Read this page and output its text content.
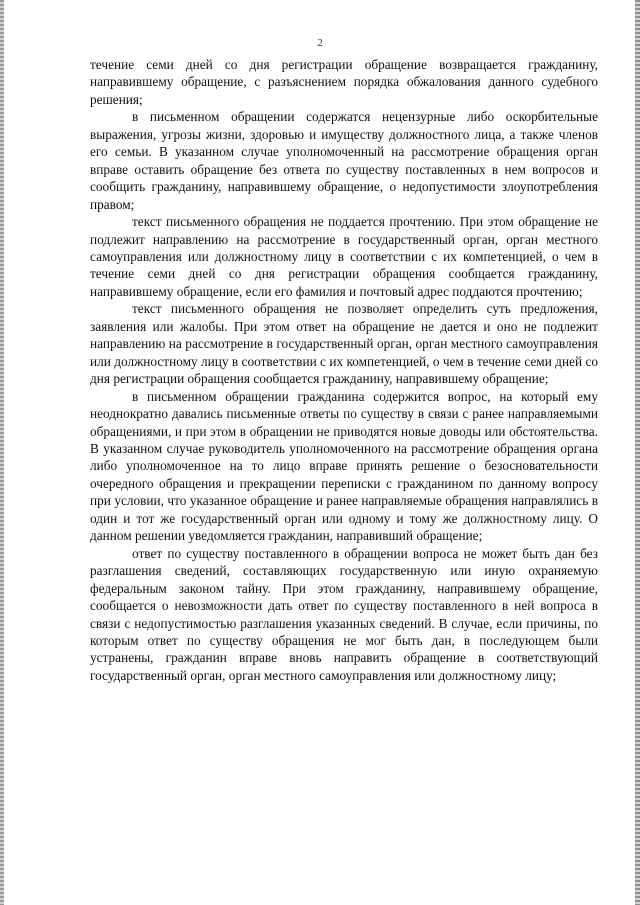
2

течение семи дней со дня регистрации обращение возвращается гражданину, направившему обращение, с разъяснением порядка обжалования данного судебного решения;

в письменном обращении содержатся нецензурные либо оскорбительные выражения, угрозы жизни, здоровью и имуществу должностного лица, а также членов его семьи. В указанном случае уполномоченный на рассмотрение обращения орган вправе оставить обращение без ответа по существу поставленных в нем вопросов и сообщить гражданину, направившему обращение, о недопустимости злоупотребления правом;

текст письменного обращения не поддается прочтению. При этом обращение не подлежит направлению на рассмотрение в государственный орган, орган местного самоуправления или должностному лицу в соответствии с их компетенцией, о чем в течение семи дней со дня регистрации обращения сообщается гражданину, направившему обращение, если его фамилия и почтовый адрес поддаются прочтению;

текст письменного обращения не позволяет определить суть предложения, заявления или жалобы. При этом ответ на обращение не дается и оно не подлежит направлению на рассмотрение в государственный орган, орган местного самоуправления или должностному лицу в соответствии с их компетенцией, о чем в течение семи дней со дня регистрации обращения сообщается гражданину, направившему обращение;

в письменном обращении гражданина содержится вопрос, на который ему неоднократно давались письменные ответы по существу в связи с ранее направляемыми обращениями, и при этом в обращении не приводятся новые доводы или обстоятельства. В указанном случае руководитель уполномоченного на рассмотрение обращения органа либо уполномоченное на то лицо вправе принять решение о безосновательности очередного обращения и прекращении переписки с гражданином по данному вопросу при условии, что указанное обращение и ранее направляемые обращения направлялись в один и тот же государственный орган или одному и тому же должностному лицу. О данном решении уведомляется гражданин, направивший обращение;

ответ по существу поставленного в обращении вопроса не может быть дан без разглашения сведений, составляющих государственную или иную охраняемую федеральным законом тайну. При этом гражданину, направившему обращение, сообщается о невозможности дать ответ по существу поставленного в ней вопроса в связи с недопустимостью разглашения указанных сведений. В случае, если причины, по которым ответ по существу обращения не мог быть дан, в последующем были устранены, гражданин вправе вновь направить обращение в соответствующий государственный орган, орган местного самоуправления или должностному лицу;
